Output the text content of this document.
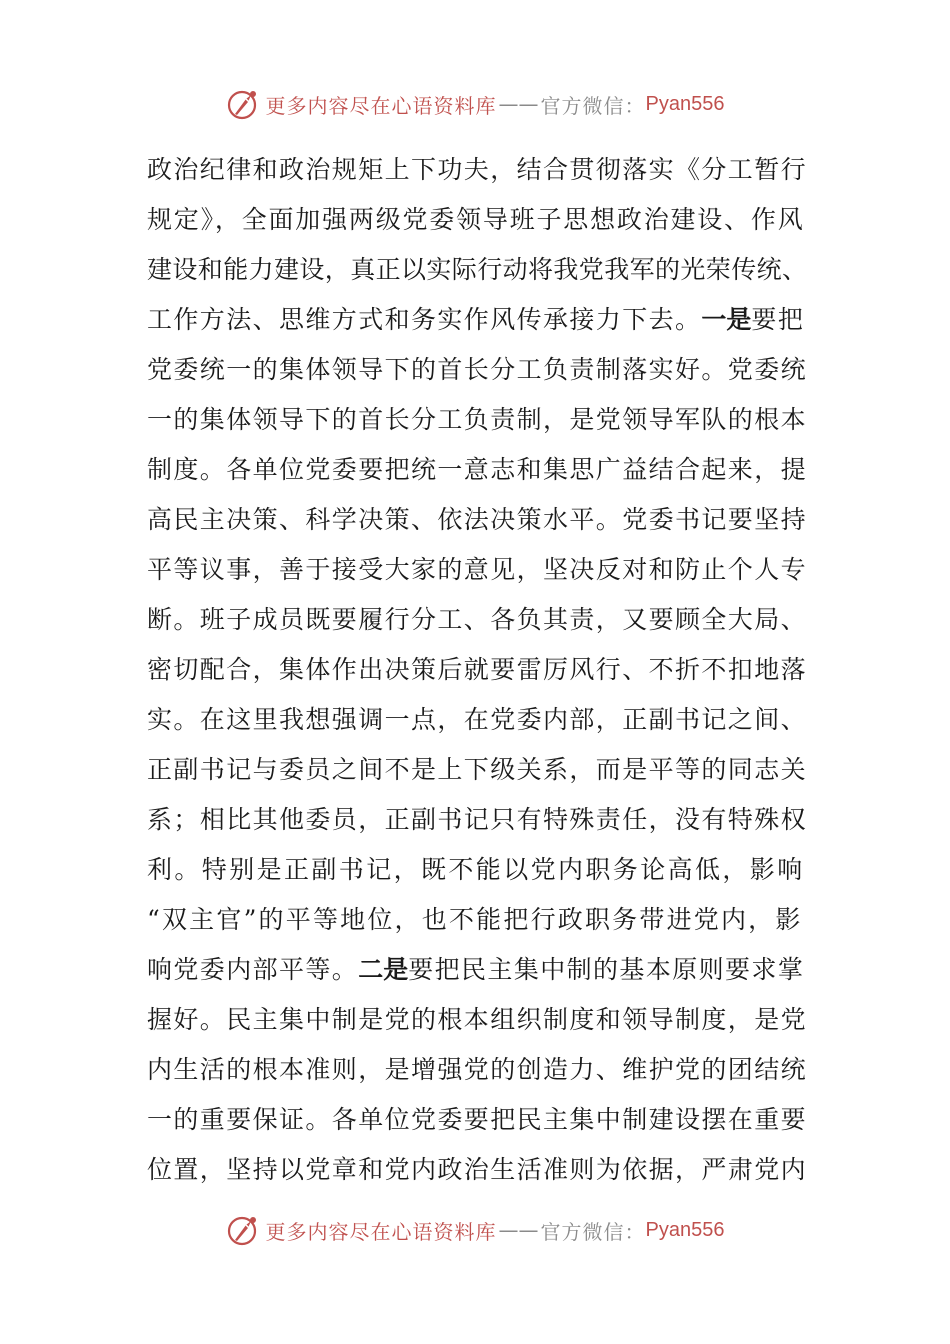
更多内容尽在心语资料库 —— 官方微信： Pyan556
政治纪律和政治规矩上下功夫，结合贯彻落实《分工暂行
规定》，全面加强两级党委领导班子思想政治建设、作风
建设和能力建设，真正以实际行动将我党我军的光荣传统、
工作方法、思维方式和务实作风传承接力下去。一是要把
党委统一的集体领导下的首长分工负责制落实好。党委统
一的集体领导下的首长分工负责制，是党领导军队的根本
制度。各单位党委要把统一意志和集思广益结合起来，提
高民主决策、科学决策、依法决策水平。党委书记要坚持
平等议事，善于接受大家的意见，坚决反对和防止个人专
断。班子成员既要履行分工、各负其责，又要顾全大局、
密切配合，集体作出决策后就要雷厉风行、不折不扣地落
实。在这里我想强调一点，在党委内部，正副书记之间、
正副书记与委员之间不是上下级关系，而是平等的同志关
系；相比其他委员，正副书记只有特殊责任，没有特殊权
利。特别是正副书记，既不能以党内职务论高低，影响
“双主官”的平等地位，也不能把行政职务带进党内，影
响党委内部平等。二是要把民主集中制的基本原则要求掌
握好。民主集中制是党的根本组织制度和领导制度，是党
内生活的根本准则，是增强党的创造力、维护党的团结统
一的重要保证。各单位党委要把民主集中制建设摆在重要
位置，坚持以党章和党内政治生活准则为依据，严肃党内
更多内容尽在心语资料库 —— 官方微信： Pyan556
